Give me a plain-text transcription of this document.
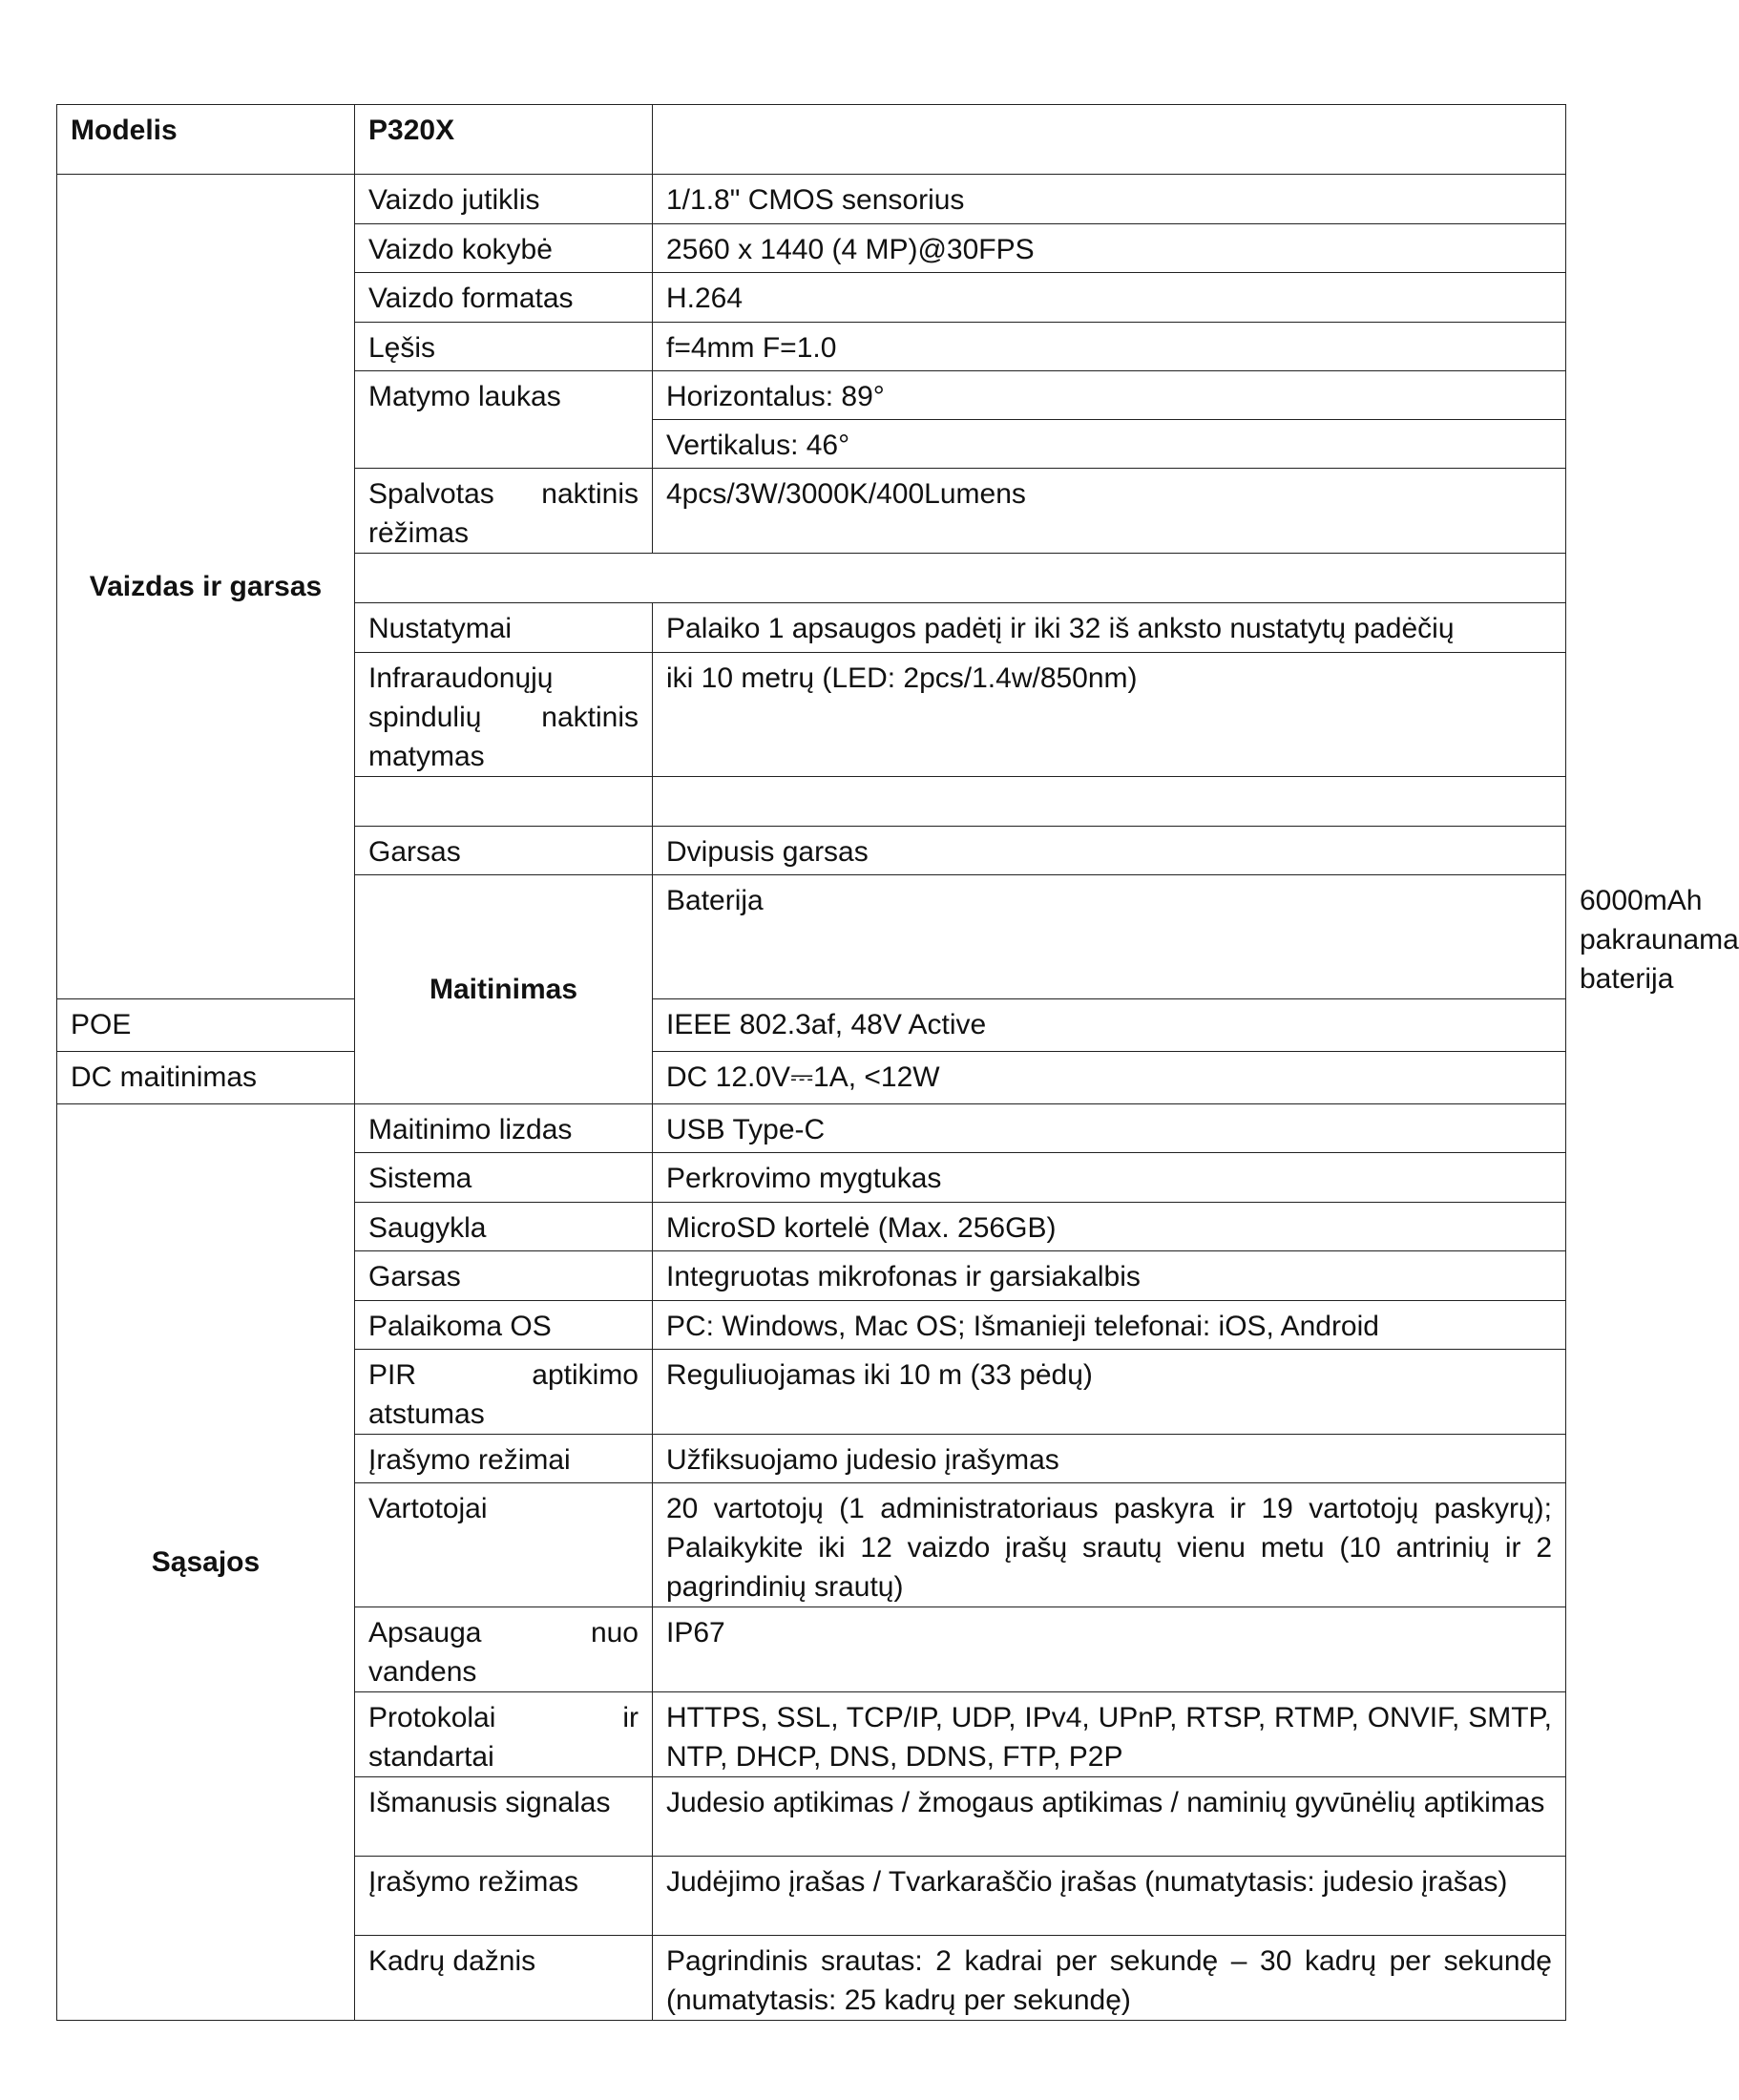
Modelis	P320X		
Vaizdas ir garsas	Vaizdo jutiklis	1/1.8" CMOS sensorius	
	Vaizdo kokybė	2560 x 1440 (4 MP)@30FPS	
	Vaizdo formatas	H.264	
	Lęšis	f=4mm F=1.0	
	Matymo laukas	Horizontalus: 89°	
		Vertikalus: 46°	
	Spalvotas naktinis rėžimas	4pcs/3W/3000K/400Lumens	

	Nustatymai	Palaiko 1 apsaugos padėtį ir iki 32 iš anksto nustatytų padėčių	
	Infraraudonųjų spindulių naktinis matymas	iki 10 metrų (LED: 2pcs/1.4w/850nm)	

	Garsas	Dvipusis garsas	
	Maitinimas	Baterija	6000mAh pakraunama baterija
POE		IEEE 802.3af, 48V Active	
DC maitinimas		DC 12.0V⎓1A, <12W	
Sąsajos	Maitinimo lizdas	USB Type-C	
	Sistema	Perkrovimo mygtukas	
	Saugykla	MicroSD kortelė (Max. 256GB)	
	Garsas	Integruotas mikrofonas ir garsiakalbis	
	Palaikoma OS	PC: Windows, Mac OS; Išmanieji telefonai: iOS, Android	
	PIR aptikimo atstumas	Reguliuojamas iki 10 m (33 pėdų)	
	Įrašymo režimai	Užfiksuojamo judesio įrašymas	
	Vartotojai	20 vartotojų (1 administratoriaus paskyra ir 19 vartotojų paskyrų); Palaikykite iki 12 vaizdo įrašų srautų vienu metu (10 antrinių ir 2 pagrindinių srautų)	
	Apsauga nuo vandens	IP67	
	Protokolai ir standartai	HTTPS, SSL, TCP/IP, UDP, IPv4, UPnP, RTSP, RTMP, ONVIF, SMTP, NTP, DHCP, DNS, DDNS, FTP, P2P	
	Išmanusis signalas	Judesio aptikimas / žmogaus aptikimas / naminių gyvūnėlių aptikimas	
	Įrašymo režimas	Judėjimo įrašas / Tvarkaraščio įrašas (numatytasis: judesio įrašas)	
	Kadrų dažnis	Pagrindinis srautas: 2 kadrai per sekundę – 30 kadrų per sekundę (numatytasis: 25 kadrų per sekundę)	
